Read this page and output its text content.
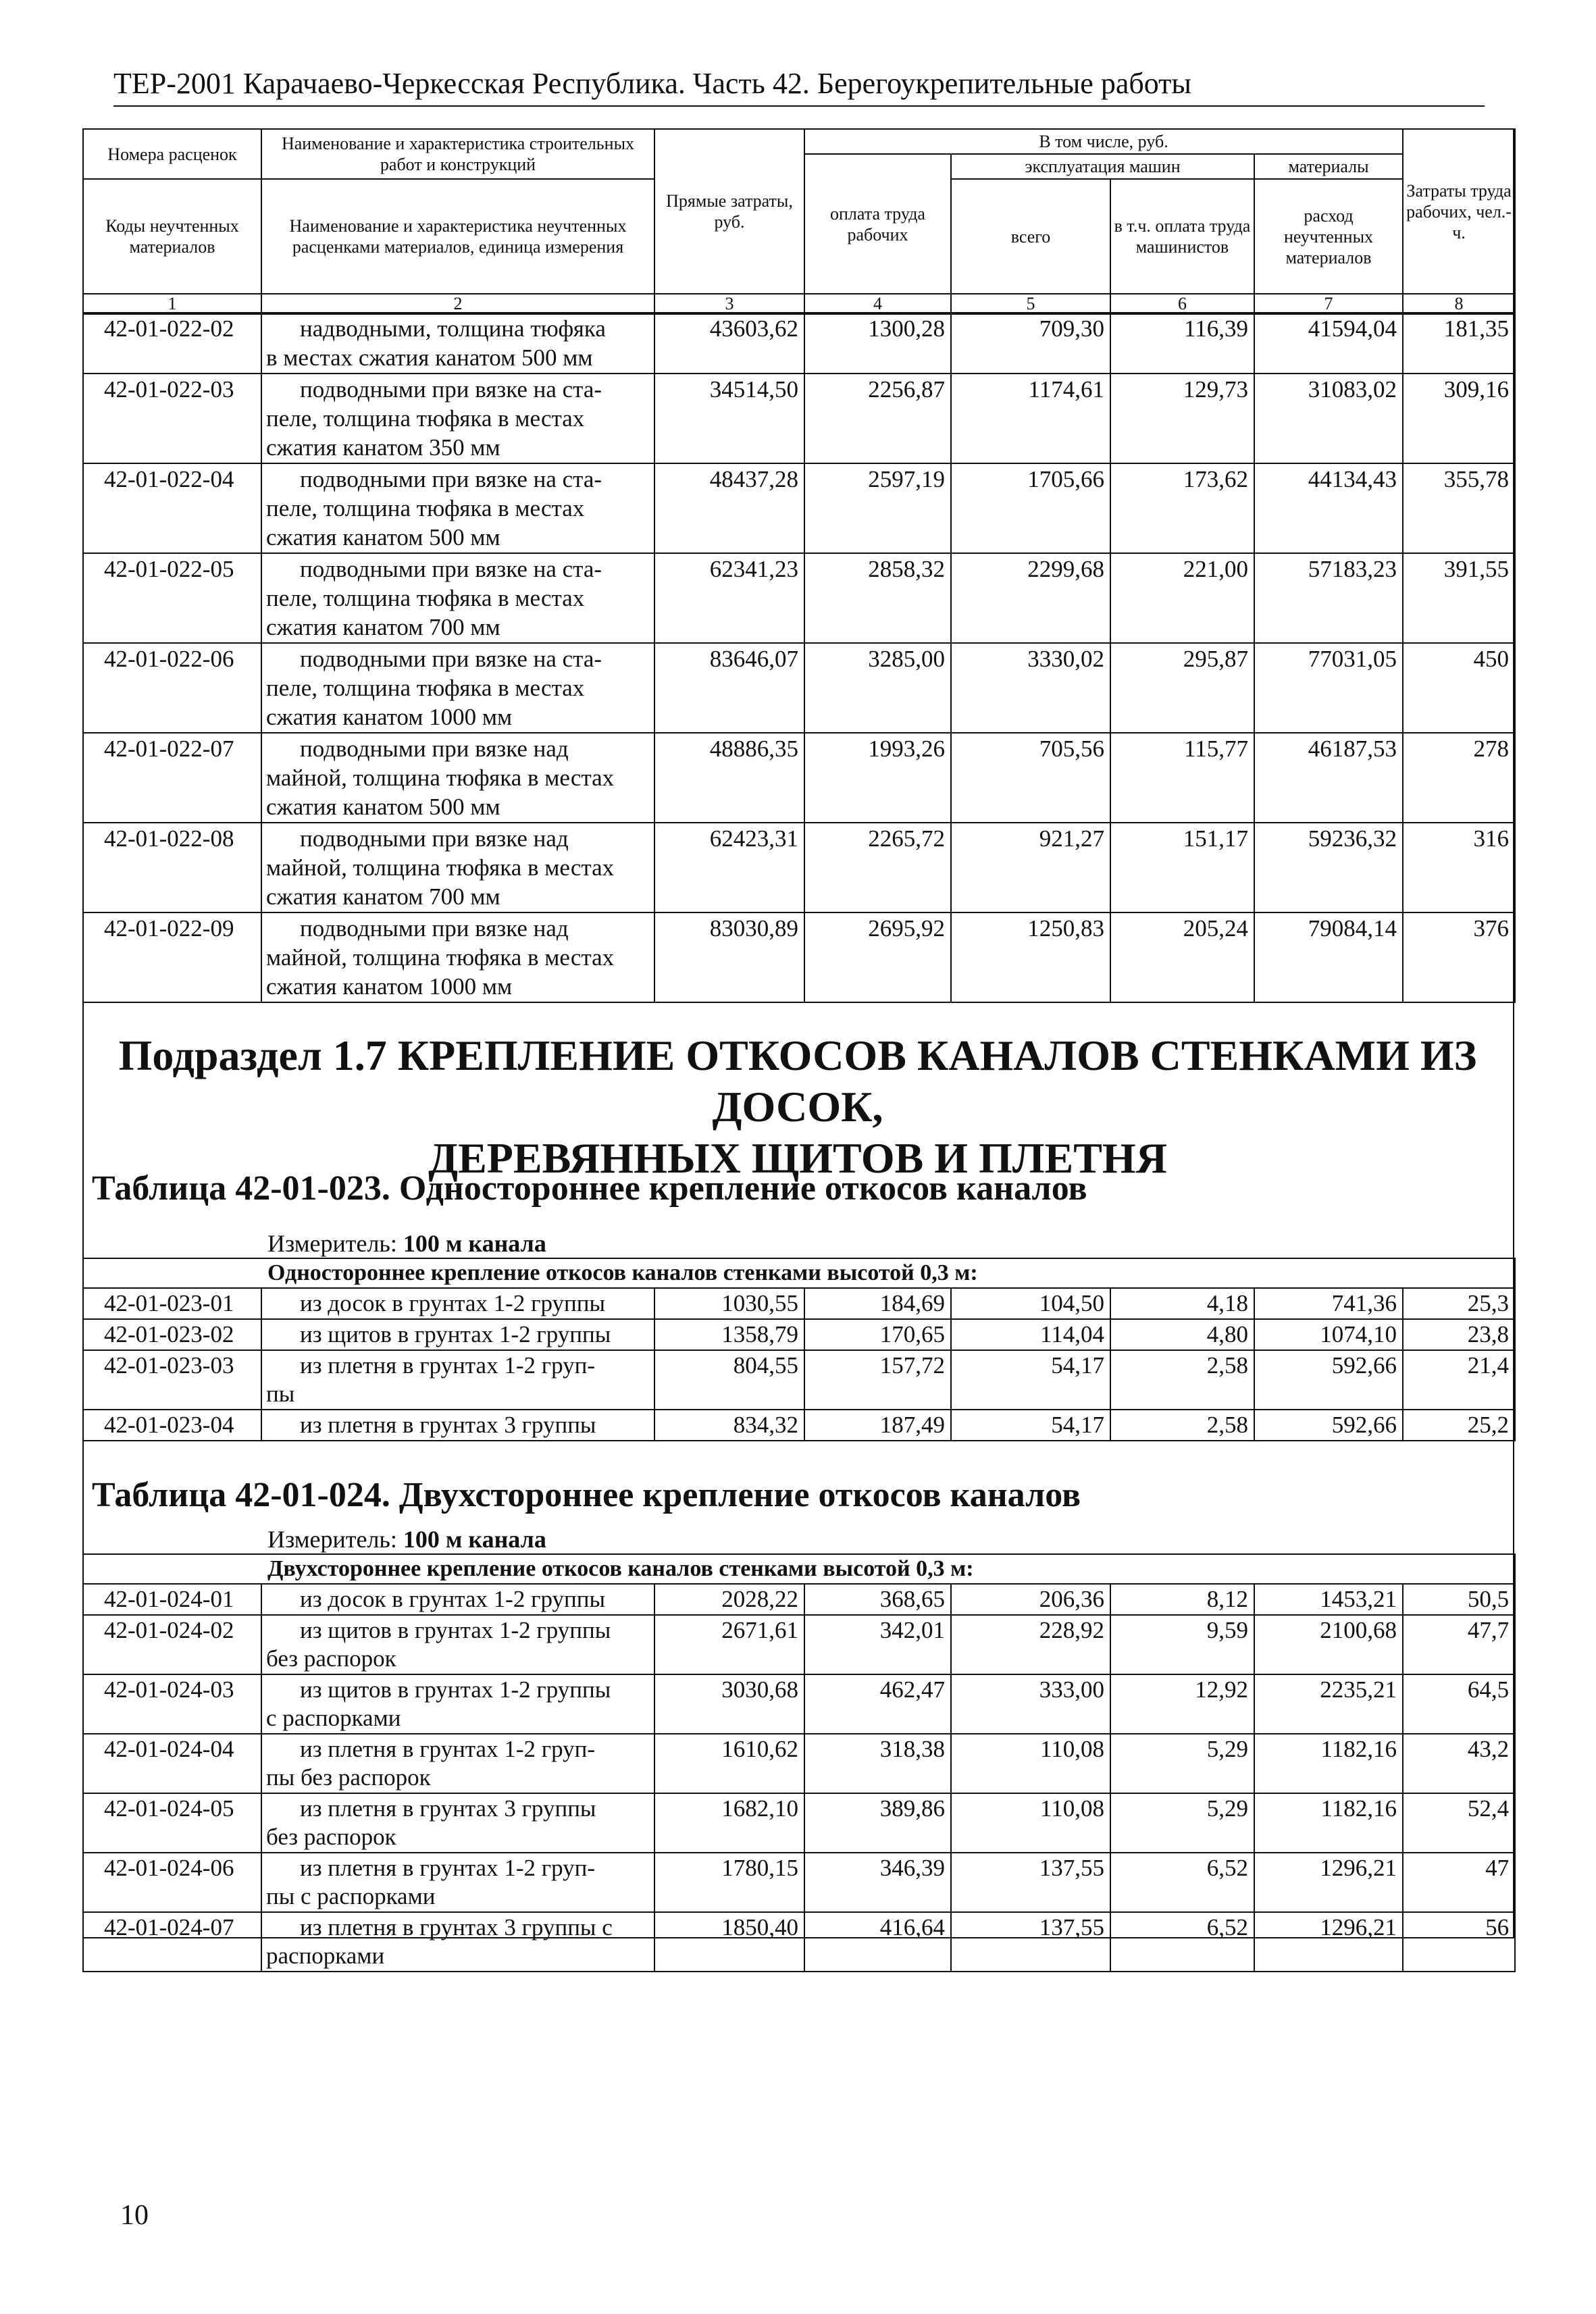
ТЕР-2001 Карачаево-Черкесская Республика. Часть 42. Берегоукрепительные работы
Номера расценок	Наименование и характеристика строительных работ и конструкций	Прямые затраты, руб.	В том числе, руб.				Затраты труда рабочих, чел.-ч.
			оплата труда рабочих	эксплуатация машин		материалы	
Коды неучтенных материалов	Наименование и характеристика неучтенных расценками материалов, единица измерения			всего	в т.ч. оплата труда машинистов	расход неучтенных материалов	

1	2	3	4	5	6	7	8
42-01-022-02	надводными, толщина тюфяка
в местах сжатия канатом 500 мм	43603,62	1300,28	709,30	116,39	41594,04	181,35
42-01-022-03	подводными при вязке на ста-
пеле, толщина тюфяка в местах
сжатия канатом 350 мм	34514,50	2256,87	1174,61	129,73	31083,02	309,16
42-01-022-04	подводными при вязке на ста-
пеле, толщина тюфяка в местах
сжатия канатом 500 мм	48437,28	2597,19	1705,66	173,62	44134,43	355,78
42-01-022-05	подводными при вязке на ста-
пеле, толщина тюфяка в местах
сжатия канатом 700 мм	62341,23	2858,32	2299,68	221,00	57183,23	391,55
42-01-022-06	подводными при вязке на ста-
пеле, толщина тюфяка в местах
сжатия канатом 1000 мм	83646,07	3285,00	3330,02	295,87	77031,05	450
42-01-022-07	подводными при вязке над
майной, толщина тюфяка в местах
сжатия канатом 500 мм	48886,35	1993,26	705,56	115,77	46187,53	278
42-01-022-08	подводными при вязке над
майной, толщина тюфяка в местах
сжатия канатом 700 мм	62423,31	2265,72	921,27	151,17	59236,32	316
42-01-022-09	подводными при вязке над
майной, толщина тюфяка в местах
сжатия канатом 1000 мм	83030,89	2695,92	1250,83	205,24	79084,14	376
Подраздел 1.7 КРЕПЛЕНИЕ ОТКОСОВ КАНАЛОВ СТЕНКАМИ ИЗ ДОСОК,
ДЕРЕВЯННЫХ ЩИТОВ И ПЛЕТНЯ
Таблица 42-01-023. Одностороннее крепление откосов каналов
Измеритель: 100 м канала
Одностороннее крепление откосов каналов стенками высотой 0,3 м:							
42-01-023-01	из досок в грунтах 1-2 группы	1030,55	184,69	104,50	4,18	741,36	25,3
42-01-023-02	из щитов в грунтах 1-2 группы	1358,79	170,65	114,04	4,80	1074,10	23,8
42-01-023-03	из плетня в грунтах 1-2 груп-
пы	804,55	157,72	54,17	2,58	592,66	21,4
42-01-023-04	из плетня в грунтах 3 группы	834,32	187,49	54,17	2,58	592,66	25,2
Таблица 42-01-024. Двухстороннее крепление откосов каналов
Измеритель: 100 м канала
Двухстороннее крепление откосов каналов стенками высотой 0,3 м:							
42-01-024-01	из досок в грунтах 1-2 группы	2028,22	368,65	206,36	8,12	1453,21	50,5
42-01-024-02	из щитов в грунтах 1-2 группы
без распорок	2671,61	342,01	228,92	9,59	2100,68	47,7
42-01-024-03	из щитов в грунтах 1-2 группы
с распорками	3030,68	462,47	333,00	12,92	2235,21	64,5
42-01-024-04	из плетня в грунтах 1-2 груп-
пы без распорок	1610,62	318,38	110,08	5,29	1182,16	43,2
42-01-024-05	из плетня в грунтах 3 группы
без распорок	1682,10	389,86	110,08	5,29	1182,16	52,4
42-01-024-06	из плетня в грунтах 1-2 груп-
пы с распорками	1780,15	346,39	137,55	6,52	1296,21	47
42-01-024-07	из плетня в грунтах 3 группы с
распорками	1850,40	416,64	137,55	6,52	1296,21	56
10
